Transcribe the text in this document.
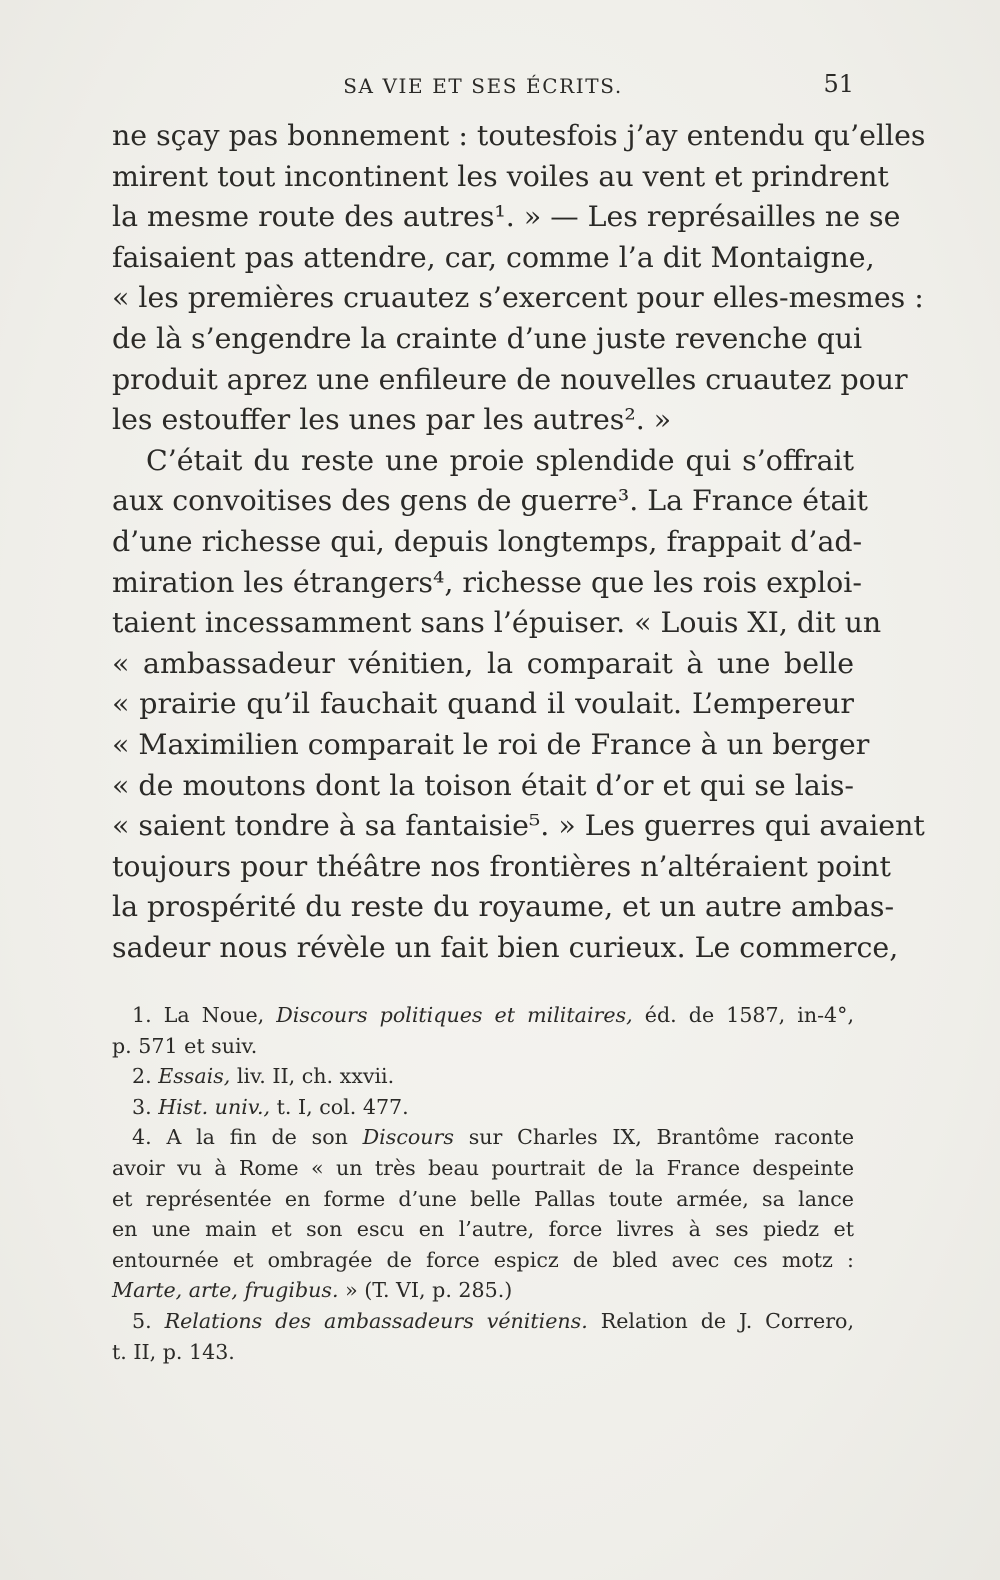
SA VIE ET SES ÉCRITS.	51
ne sçay pas bonnement : toutesfois j’ay entendu qu’elles
mirent tout incontinent les voiles au vent et prindrent
la mesme route des autres¹. » — Les représailles ne se
faisaient pas attendre, car, comme l’a dit Montaigne,
« les premières cruautez s’exercent pour elles-mesmes :
de là s’engendre la crainte d’une juste revenche qui
produit aprez une enfileure de nouvelles cruautez pour
les estouffer les unes par les autres². »
C’était du reste une proie splendide qui s’offrait
aux convoitises des gens de guerre³. La France était
d’une richesse qui, depuis longtemps, frappait d’ad-
miration les étrangers⁴, richesse que les rois exploi-
taient incessamment sans l’épuiser. « Louis XI, dit un
« ambassadeur vénitien, la comparait à une belle
« prairie qu’il fauchait quand il voulait. L’empereur
« Maximilien comparait le roi de France à un berger
« de moutons dont la toison était d’or et qui se lais-
« saient tondre à sa fantaisie⁵. » Les guerres qui avaient
toujours pour théâtre nos frontières n’altéraient point
la prospérité du reste du royaume, et un autre ambas-
sadeur nous révèle un fait bien curieux. Le commerce,
1. La Noue, Discours politiques et militaires, éd. de 1587, in-4°,
p. 571 et suiv.
2. Essais, liv. II, ch. xxvii.
3. Hist. univ., t. I, col. 477.
4. A la fin de son Discours sur Charles IX, Brantôme raconte
avoir vu à Rome « un très beau pourtrait de la France despeinte
et représentée en forme d’une belle Pallas toute armée, sa lance
en une main et son escu en l’autre, force livres à ses piedz et
entournée et ombragée de force espicz de bled avec ces motz :
Marte, arte, frugibus. » (T. VI, p. 285.)
5. Relations des ambassadeurs vénitiens. Relation de J. Correro,
t. II, p. 143.
